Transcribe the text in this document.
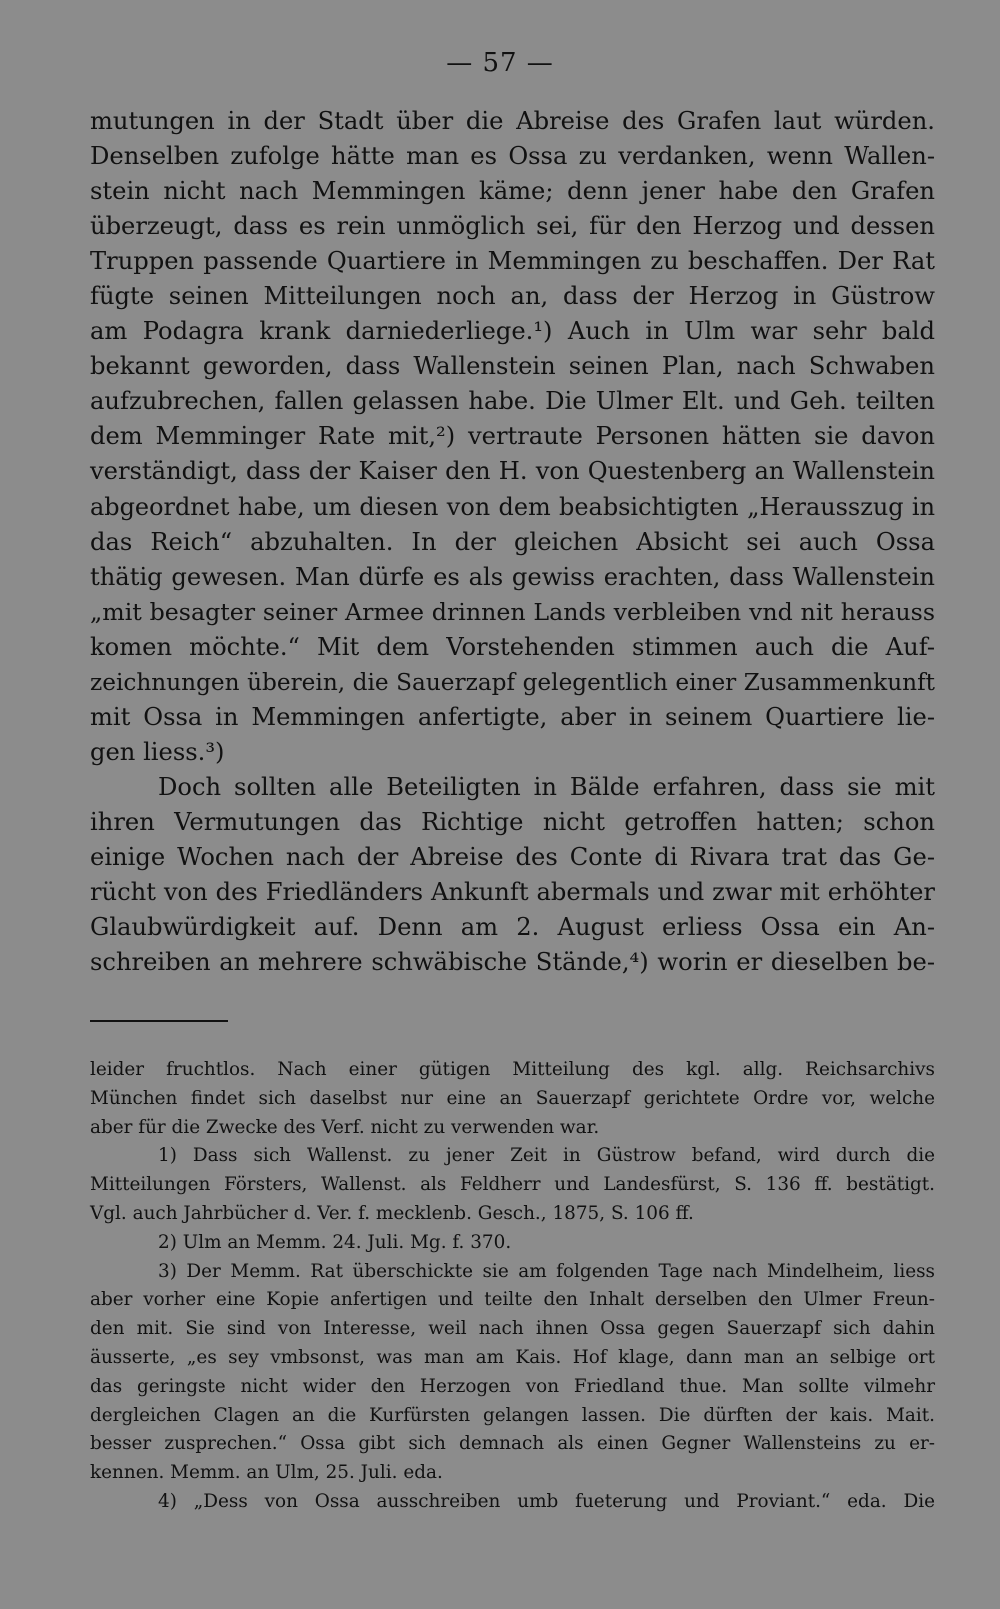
— 57 —
mutungen in der Stadt über die Abreise des Grafen laut würden.
Denselben zufolge hätte man es Ossa zu verdanken, wenn Wallen-
stein nicht nach Memmingen käme; denn jener habe den Grafen
überzeugt, dass es rein unmöglich sei, für den Herzog und dessen
Truppen passende Quartiere in Memmingen zu beschaffen. Der Rat
fügte seinen Mitteilungen noch an, dass der Herzog in Güstrow
am Podagra krank darniederliege.¹) Auch in Ulm war sehr bald
bekannt geworden, dass Wallenstein seinen Plan, nach Schwaben
aufzubrechen, fallen gelassen habe. Die Ulmer Elt. und Geh. teilten
dem Memminger Rate mit,²) vertraute Personen hätten sie davon
verständigt, dass der Kaiser den H. von Questenberg an Wallenstein
abgeordnet habe, um diesen von dem beabsichtigten „Herausszug in
das Reich“ abzuhalten. In der gleichen Absicht sei auch Ossa
thätig gewesen. Man dürfe es als gewiss erachten, dass Wallenstein
„mit besagter seiner Armee drinnen Lands verbleiben vnd nit herauss
komen möchte.“ Mit dem Vorstehenden stimmen auch die Auf-
zeichnungen überein, die Sauerzapf gelegentlich einer Zusammenkunft
mit Ossa in Memmingen anfertigte, aber in seinem Quartiere lie-
gen liess.³)
Doch sollten alle Beteiligten in Bälde erfahren, dass sie mit
ihren Vermutungen das Richtige nicht getroffen hatten; schon
einige Wochen nach der Abreise des Conte di Rivara trat das Ge-
rücht von des Friedländers Ankunft abermals und zwar mit erhöhter
Glaubwürdigkeit auf. Denn am 2. August erliess Ossa ein An-
schreiben an mehrere schwäbische Stände,⁴) worin er dieselben be-
leider fruchtlos. Nach einer gütigen Mitteilung des kgl. allg. Reichsarchivs
München findet sich daselbst nur eine an Sauerzapf gerichtete Ordre vor, welche
aber für die Zwecke des Verf. nicht zu verwenden war.
1) Dass sich Wallenst. zu jener Zeit in Güstrow befand, wird durch die
Mitteilungen Försters, Wallenst. als Feldherr und Landesfürst, S. 136 ff. bestätigt.
Vgl. auch Jahrbücher d. Ver. f. mecklenb. Gesch., 1875, S. 106 ff.
2) Ulm an Memm. 24. Juli. Mg. f. 370.
3) Der Memm. Rat überschickte sie am folgenden Tage nach Mindelheim, liess
aber vorher eine Kopie anfertigen und teilte den Inhalt derselben den Ulmer Freun-
den mit. Sie sind von Interesse, weil nach ihnen Ossa gegen Sauerzapf sich dahin
äusserte, „es sey vmbsonst, was man am Kais. Hof klage, dann man an selbige ort
das geringste nicht wider den Herzogen von Friedland thue. Man sollte vilmehr
dergleichen Clagen an die Kurfürsten gelangen lassen. Die dürften der kais. Mait.
besser zusprechen.“ Ossa gibt sich demnach als einen Gegner Wallensteins zu er-
kennen. Memm. an Ulm, 25. Juli. eda.
4) „Dess von Ossa ausschreiben umb fueterung und Proviant.“ eda. Die
